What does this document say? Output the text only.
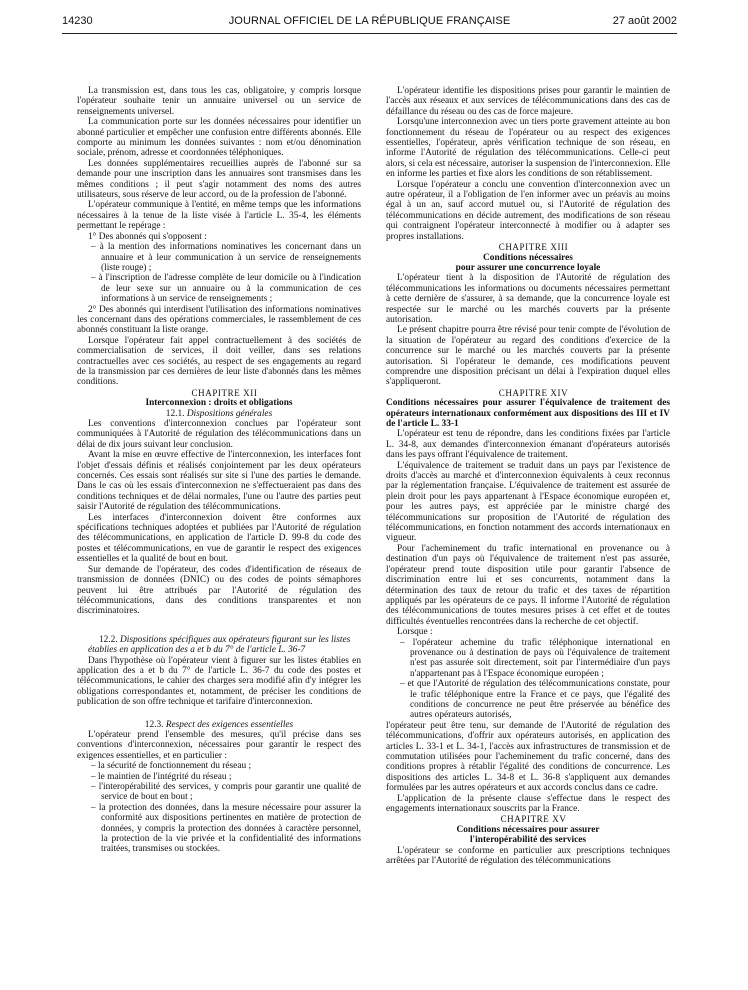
14230	JOURNAL OFFICIEL DE LA RÉPUBLIQUE FRANÇAISE	27 août 2002

La transmission est, dans tous les cas, obligatoire, y compris lorsque l'opérateur souhaite tenir un annuaire universel ou un service de renseignements universel.

La communication porte sur les données nécessaires pour identifier un abonné particulier et empêcher une confusion entre différents abonnés. Elle comporte au minimum les données suivantes : nom et/ou dénomination sociale, prénom, adresse et coordonnées téléphoniques.

Les données supplémentaires recueillies auprès de l'abonné sur sa demande pour une inscription dans les annuaires sont transmises dans les mêmes conditions ; il peut s'agir notamment des noms des autres utilisateurs, sous réserve de leur accord, ou de la profession de l'abonné.

L'opérateur communique à l'entité, en même temps que les informations nécessaires à la tenue de la liste visée à l'article L. 35-4, les éléments permettant le repérage :

1° Des abonnés qui s'opposent :

– à la mention des informations nominatives les concernant dans un annuaire et à leur communication à un service de renseignements (liste rouge) ;

– à l'inscription de l'adresse complète de leur domicile ou à l'indication de leur sexe sur un annuaire ou à la communication de ces informations à un service de renseignements ;

2° Des abonnés qui interdisent l'utilisation des informations nominatives les concernant dans des opérations commerciales, le rassemblement de ces abonnés constituant la liste orange.

Lorsque l'opérateur fait appel contractuellement à des sociétés de commercialisation de services, il doit veiller, dans ses relations contractuelles avec ces sociétés, au respect de ses engagements au regard de la transmission par ces dernières de leur liste d'abonnés dans les mêmes conditions.

CHAPITRE XII

Interconnexion : droits et obligations

12.1. Dispositions générales

Les conventions d'interconnexion conclues par l'opérateur sont communiquées à l'Autorité de régulation des télécommunications dans un délai de dix jours suivant leur conclusion.

Avant la mise en œuvre effective de l'interconnexion, les interfaces font l'objet d'essais définis et réalisés conjointement par les deux opérateurs concernés. Ces essais sont réalisés sur site si l'une des parties le demande. Dans le cas où les essais d'interconnexion ne s'effectueraient pas dans des conditions techniques et de délai normales, l'une ou l'autre des parties peut saisir l'Autorité de régulation des télécommunications.

Les interfaces d'interconnexion doivent être conformes aux spécifications techniques adoptées et publiées par l'Autorité de régulation des télécommunications, en application de l'article D. 99-8 du code des postes et télécommunications, en vue de garantir le respect des exigences essentielles et la qualité de bout en bout.

Sur demande de l'opérateur, des codes d'identification de réseaux de transmission de données (DNIC) ou des codes de points sémaphores peuvent lui être attribués par l'Autorité de régulation des télécommunications, dans des conditions transparentes et non discriminatoires.

12.2. Dispositions spécifiques aux opérateurs figurant sur les listes établies en application des a et b du 7° de l'article L. 36-7

Dans l'hypothèse où l'opérateur vient à figurer sur les listes établies en application des a et b du 7° de l'article L. 36-7 du code des postes et télécommunications, le cahier des charges sera modifié afin d'y intégrer les obligations correspondantes et, notamment, de préciser les conditions de publication de son offre technique et tarifaire d'interconnexion.

12.3. Respect des exigences essentielles

L'opérateur prend l'ensemble des mesures, qu'il précise dans ses conventions d'interconnexion, nécessaires pour garantir le respect des exigences essentielles, et en particulier :

– la sécurité de fonctionnement du réseau ;

– le maintien de l'intégrité du réseau ;

– l'interopérabilité des services, y compris pour garantir une qualité de service de bout en bout ;

– la protection des données, dans la mesure nécessaire pour assurer la conformité aux dispositions pertinentes en matière de protection de données, y compris la protection des données à caractère personnel, la protection de la vie privée et la confidentialité des informations traitées, transmises ou stockées.

L'opérateur identifie les dispositions prises pour garantir le maintien de l'accès aux réseaux et aux services de télécommunications dans des cas de défaillance du réseau ou des cas de force majeure.

Lorsqu'une interconnexion avec un tiers porte gravement atteinte au bon fonctionnement du réseau de l'opérateur ou au respect des exigences essentielles, l'opérateur, après vérification technique de son réseau, en informe l'Autorité de régulation des télécommunications. Celle-ci peut alors, si cela est nécessaire, autoriser la suspension de l'interconnexion. Elle en informe les parties et fixe alors les conditions de son rétablissement.

Lorsque l'opérateur a conclu une convention d'interconnexion avec un autre opérateur, il a l'obligation de l'en informer avec un préavis au moins égal à un an, sauf accord mutuel ou, si l'Autorité de régulation des télécommunications en décide autrement, des modifications de son réseau qui contraignent l'opérateur interconnecté à modifier ou à adapter ses propres installations.

CHAPITRE XIII

Conditions nécessaires

pour assurer une concurrence loyale

L'opérateur tient à la disposition de l'Autorité de régulation des télécommunications les informations ou documents nécessaires permettant à cette dernière de s'assurer, à sa demande, que la concurrence loyale est respectée sur le marché ou les marchés couverts par la présente autorisation.

Le présent chapitre pourra être révisé pour tenir compte de l'évolution de la situation de l'opérateur au regard des conditions d'exercice de la concurrence sur le marché ou les marchés couverts par la présente autorisation. Si l'opérateur le demande, ces modifications peuvent comprendre une disposition précisant un délai à l'expiration duquel elles s'appliqueront.

CHAPITRE XIV

Conditions nécessaires pour assurer l'équivalence de traitement des opérateurs internationaux conformément aux dispositions des III et IV de l'article L. 33-1

L'opérateur est tenu de répondre, dans les conditions fixées par l'article L. 34-8, aux demandes d'interconnexion émanant d'opérateurs autorisés dans les pays offrant l'équivalence de traitement.

L'équivalence de traitement se traduit dans un pays par l'existence de droits d'accès au marché et d'interconnexion équivalents à ceux reconnus par la réglementation française. L'équivalence de traitement est assurée de plein droit pour les pays appartenant à l'Espace économique européen et, pour les autres pays, est appréciée par le ministre chargé des télécommunications sur proposition de l'Autorité de régulation des télécommunications, en fonction notamment des accords internationaux en vigueur.

Pour l'acheminement du trafic international en provenance ou à destination d'un pays où l'équivalence de traitement n'est pas assurée, l'opérateur prend toute disposition utile pour garantir l'absence de discrimination entre lui et ses concurrents, notamment dans la détermination des taux de retour du trafic et des taxes de répartition appliqués par les opérateurs de ce pays. Il informe l'Autorité de régulation des télécommunications de toutes mesures prises à cet effet et de toutes difficultés éventuelles rencontrées dans la recherche de cet objectif.

Lorsque :

– l'opérateur achemine du trafic téléphonique international en provenance ou à destination de pays où l'équivalence de traitement n'est pas assurée soit directement, soit par l'intermédiaire d'un pays n'appartenant pas à l'Espace économique européen ;

– et que l'Autorité de régulation des télécommunications constate, pour le trafic téléphonique entre la France et ce pays, que l'égalité des conditions de concurrence ne peut être préservée au bénéfice des autres opérateurs autorisés,

l'opérateur peut être tenu, sur demande de l'Autorité de régulation des télécommunications, d'offrir aux opérateurs autorisés, en application des articles L. 33-1 et L. 34-1, l'accès aux infrastructures de transmission et de commutation utilisées pour l'acheminement du trafic concerné, dans des conditions propres à rétablir l'égalité des conditions de concurrence. Les dispositions des articles L. 34-8 et L. 36-8 s'appliquent aux demandes formulées par les autres opérateurs et aux accords conclus dans ce cadre.

L'application de la présente clause s'effectue dans le respect des engagements internationaux souscrits par la France.

CHAPITRE XV

Conditions nécessaires pour assurer

l'interopérabilité des services

L'opérateur se conforme en particulier aux prescriptions techniques arrêtées par l'Autorité de régulation des télécommunications
